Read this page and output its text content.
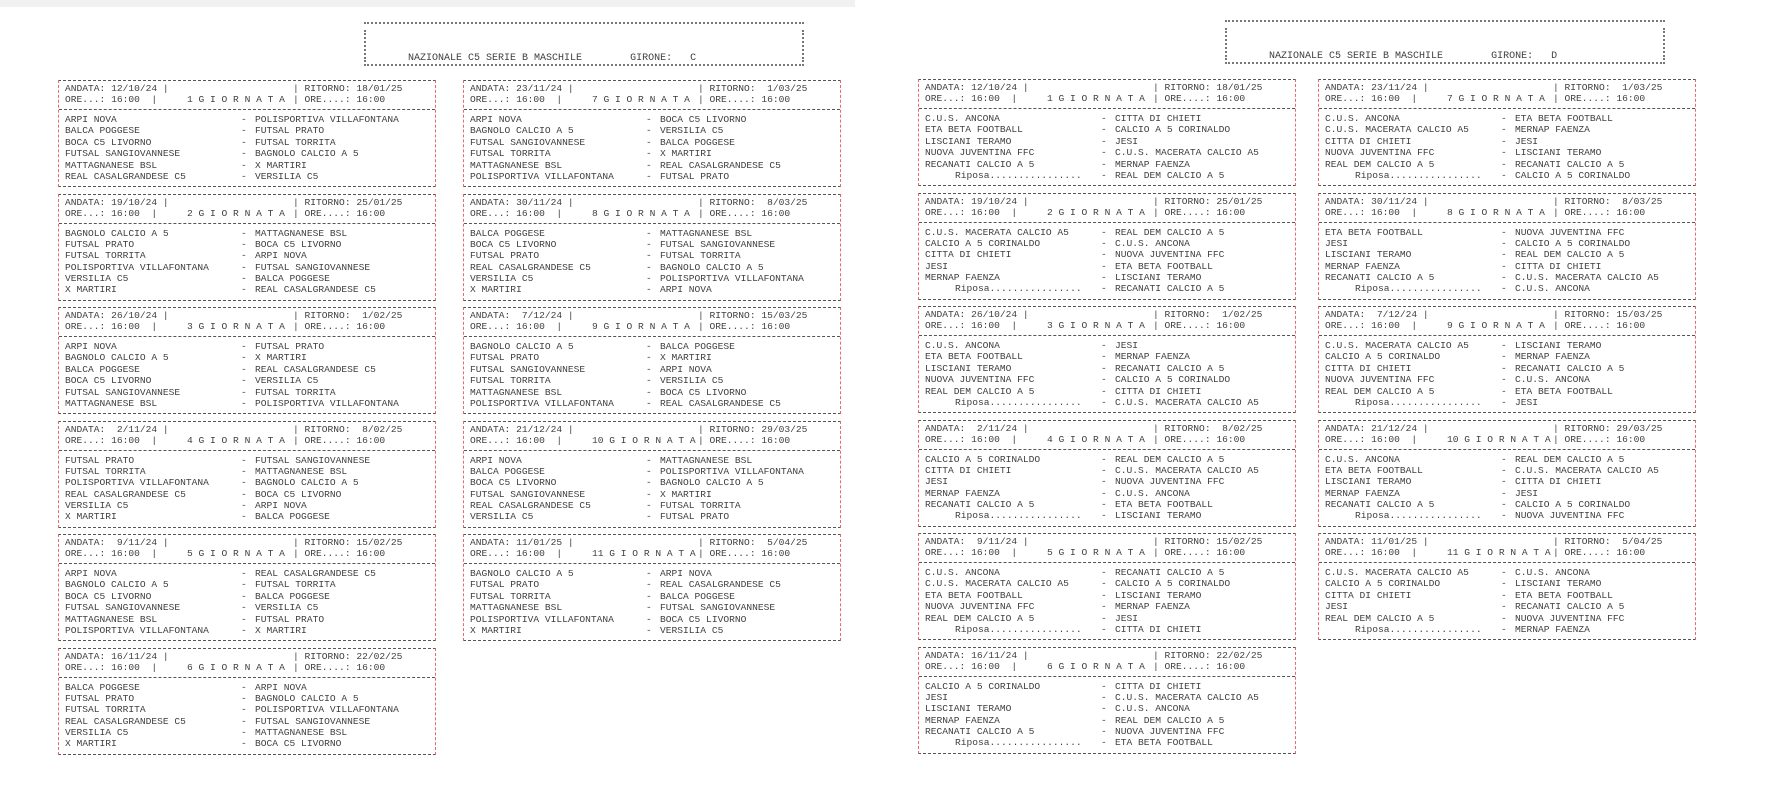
NAZIONALE C5 SERIE B MASCHILE	GIRONE: C
	NAZIONALE C5 SERIE B MASCHILE	GIRONE: D

ANDATA: 12/10/24 |	| RITORNO: 18/01/25
ORE...: 16:00  |	1 G I O R N A T A | ORE....: 16:00
ARPI NOVA	- POLISPORTIVA VILLAFONTANA
BALCA POGGESE	- FUTSAL PRATO
BOCA C5 LIVORNO	- FUTSAL TORRITA
FUTSAL SANGIOVANNESE	- BAGNOLO CALCIO A 5
MATTAGNANESE BSL	- X MARTIRI
REAL CASALGRANDESE C5	- VERSILIA C5
ANDATA: 19/10/24 |	| RITORNO: 25/01/25
ORE...: 16:00  |	2 G I O R N A T A | ORE....: 16:00
BAGNOLO CALCIO A 5	- MATTAGNANESE BSL
FUTSAL PRATO	- BOCA C5 LIVORNO
FUTSAL TORRITA	- ARPI NOVA
POLISPORTIVA VILLAFONTANA	- FUTSAL SANGIOVANNESE
VERSILIA C5	- BALCA POGGESE
X MARTIRI	- REAL CASALGRANDESE C5
ANDATA: 26/10/24 |	| RITORNO:  1/02/25
ORE...: 16:00  |	3 G I O R N A T A | ORE....: 16:00
ARPI NOVA	- FUTSAL PRATO
BAGNOLO CALCIO A 5	- X MARTIRI
BALCA POGGESE	- REAL CASALGRANDESE C5
BOCA C5 LIVORNO	- VERSILIA C5
FUTSAL SANGIOVANNESE	- FUTSAL TORRITA
MATTAGNANESE BSL	- POLISPORTIVA VILLAFONTANA
ANDATA:  2/11/24 |	| RITORNO:  8/02/25
ORE...: 16:00  |	4 G I O R N A T A | ORE....: 16:00
FUTSAL PRATO	- FUTSAL SANGIOVANNESE
FUTSAL TORRITA	- MATTAGNANESE BSL
POLISPORTIVA VILLAFONTANA	- BAGNOLO CALCIO A 5
REAL CASALGRANDESE C5	- BOCA C5 LIVORNO
VERSILIA C5	- ARPI NOVA
X MARTIRI	- BALCA POGGESE
ANDATA:  9/11/24 |	| RITORNO: 15/02/25
ORE...: 16:00  |	5 G I O R N A T A | ORE....: 16:00
ARPI NOVA	- REAL CASALGRANDESE C5
BAGNOLO CALCIO A 5	- FUTSAL TORRITA
BOCA C5 LIVORNO	- BALCA POGGESE
FUTSAL SANGIOVANNESE	- VERSILIA C5
MATTAGNANESE BSL	- FUTSAL PRATO
POLISPORTIVA VILLAFONTANA	- X MARTIRI
ANDATA: 16/11/24 |	| RITORNO: 22/02/25
ORE...: 16:00  |	6 G I O R N A T A | ORE....: 16:00
BALCA POGGESE	- ARPI NOVA
FUTSAL PRATO	- BAGNOLO CALCIO A 5
FUTSAL TORRITA	- POLISPORTIVA VILLAFONTANA
REAL CASALGRANDESE C5	- FUTSAL SANGIOVANNESE
VERSILIA C5	- MATTAGNANESE BSL
X MARTIRI	- BOCA C5 LIVORNO
ANDATA: 23/11/24 |	| RITORNO:  1/03/25
ORE...: 16:00  |	7 G I O R N A T A | ORE....: 16:00
ARPI NOVA	- BOCA C5 LIVORNO
BAGNOLO CALCIO A 5	- VERSILIA C5
FUTSAL SANGIOVANNESE	- BALCA POGGESE
FUTSAL TORRITA	- X MARTIRI
MATTAGNANESE BSL	- REAL CASALGRANDESE C5
POLISPORTIVA VILLAFONTANA	- FUTSAL PRATO
ANDATA: 30/11/24 |	| RITORNO:  8/03/25
ORE...: 16:00  |	8 G I O R N A T A | ORE....: 16:00
BALCA POGGESE	- MATTAGNANESE BSL
BOCA C5 LIVORNO	- FUTSAL SANGIOVANNESE
FUTSAL PRATO	- FUTSAL TORRITA
REAL CASALGRANDESE C5	- BAGNOLO CALCIO A 5
VERSILIA C5	- POLISPORTIVA VILLAFONTANA
X MARTIRI	- ARPI NOVA
ANDATA:  7/12/24 |	| RITORNO: 15/03/25
ORE...: 16:00  |	9 G I O R N A T A | ORE....: 16:00
BAGNOLO CALCIO A 5	- BALCA POGGESE
FUTSAL PRATO	- X MARTIRI
FUTSAL SANGIOVANNESE	- ARPI NOVA
FUTSAL TORRITA	- VERSILIA C5
MATTAGNANESE BSL	- BOCA C5 LIVORNO
POLISPORTIVA VILLAFONTANA	- REAL CASALGRANDESE C5
ANDATA: 21/12/24 |	| RITORNO: 29/03/25
ORE...: 16:00  |	10 G I O R N A T A | ORE....: 16:00
ARPI NOVA	- MATTAGNANESE BSL
BALCA POGGESE	- POLISPORTIVA VILLAFONTANA
BOCA C5 LIVORNO	- BAGNOLO CALCIO A 5
FUTSAL SANGIOVANNESE	- X MARTIRI
REAL CASALGRANDESE C5	- FUTSAL TORRITA
VERSILIA C5	- FUTSAL PRATO
ANDATA: 11/01/25 |	| RITORNO:  5/04/25
ORE...: 16:00  |	11 G I O R N A T A | ORE....: 16:00
BAGNOLO CALCIO A 5	- ARPI NOVA
FUTSAL PRATO	- REAL CASALGRANDESE C5
FUTSAL TORRITA	- BALCA POGGESE
MATTAGNANESE BSL	- FUTSAL SANGIOVANNESE
POLISPORTIVA VILLAFONTANA	- BOCA C5 LIVORNO
X MARTIRI	- VERSILIA C5
ANDATA: 12/10/24 |	| RITORNO: 18/01/25
ORE...: 16:00  |	1 G I O R N A T A | ORE....: 16:00
C.U.S. ANCONA	- CITTA DI CHIETI
ETA BETA FOOTBALL	- CALCIO A 5 CORINALDO
LISCIANI TERAMO	- JESI
NUOVA JUVENTINA FFC	- C.U.S. MACERATA CALCIO A5
RECANATI CALCIO A 5	- MERNAP FAENZA
Riposa................	- REAL DEM CALCIO A 5
ANDATA: 19/10/24 |	| RITORNO: 25/01/25
ORE...: 16:00  |	2 G I O R N A T A | ORE....: 16:00
C.U.S. MACERATA CALCIO A5	- REAL DEM CALCIO A 5
CALCIO A 5 CORINALDO	- C.U.S. ANCONA
CITTA DI CHIETI	- NUOVA JUVENTINA FFC
JESI	- ETA BETA FOOTBALL
MERNAP FAENZA	- LISCIANI TERAMO
Riposa................	- RECANATI CALCIO A 5
ANDATA: 26/10/24 |	| RITORNO:  1/02/25
ORE...: 16:00  |	3 G I O R N A T A | ORE....: 16:00
C.U.S. ANCONA	- JESI
ETA BETA FOOTBALL	- MERNAP FAENZA
LISCIANI TERAMO	- RECANATI CALCIO A 5
NUOVA JUVENTINA FFC	- CALCIO A 5 CORINALDO
REAL DEM CALCIO A 5	- CITTA DI CHIETI
Riposa................	- C.U.S. MACERATA CALCIO A5
ANDATA:  2/11/24 |	| RITORNO:  8/02/25
ORE...: 16:00  |	4 G I O R N A T A | ORE....: 16:00
CALCIO A 5 CORINALDO	- REAL DEM CALCIO A 5
CITTA DI CHIETI	- C.U.S. MACERATA CALCIO A5
JESI	- NUOVA JUVENTINA FFC
MERNAP FAENZA	- C.U.S. ANCONA
RECANATI CALCIO A 5	- ETA BETA FOOTBALL
Riposa................	- LISCIANI TERAMO
ANDATA:  9/11/24 |	| RITORNO: 15/02/25
ORE...: 16:00  |	5 G I O R N A T A | ORE....: 16:00
C.U.S. ANCONA	- RECANATI CALCIO A 5
C.U.S. MACERATA CALCIO A5	- CALCIO A 5 CORINALDO
ETA BETA FOOTBALL	- LISCIANI TERAMO
NUOVA JUVENTINA FFC	- MERNAP FAENZA
REAL DEM CALCIO A 5	- JESI
Riposa................	- CITTA DI CHIETI
ANDATA: 16/11/24 |	| RITORNO: 22/02/25
ORE...: 16:00  |	6 G I O R N A T A | ORE....: 16:00
CALCIO A 5 CORINALDO	- CITTA DI CHIETI
JESI	- C.U.S. MACERATA CALCIO A5
LISCIANI TERAMO	- C.U.S. ANCONA
MERNAP FAENZA	- REAL DEM CALCIO A 5
RECANATI CALCIO A 5	- NUOVA JUVENTINA FFC
Riposa................	- ETA BETA FOOTBALL
ANDATA: 23/11/24 |	| RITORNO:  1/03/25
ORE...: 16:00  |	7 G I O R N A T A | ORE....: 16:00
C.U.S. ANCONA	- ETA BETA FOOTBALL
C.U.S. MACERATA CALCIO A5	- MERNAP FAENZA
CITTA DI CHIETI	- JESI
NUOVA JUVENTINA FFC	- LISCIANI TERAMO
REAL DEM CALCIO A 5	- RECANATI CALCIO A 5
Riposa................	- CALCIO A 5 CORINALDO
ANDATA: 30/11/24 |	| RITORNO:  8/03/25
ORE...: 16:00  |	8 G I O R N A T A | ORE....: 16:00
ETA BETA FOOTBALL	- NUOVA JUVENTINA FFC
JESI	- CALCIO A 5 CORINALDO
LISCIANI TERAMO	- REAL DEM CALCIO A 5
MERNAP FAENZA	- CITTA DI CHIETI
RECANATI CALCIO A 5	- C.U.S. MACERATA CALCIO A5
Riposa................	- C.U.S. ANCONA
ANDATA:  7/12/24 |	| RITORNO: 15/03/25
ORE...: 16:00  |	9 G I O R N A T A | ORE....: 16:00
C.U.S. MACERATA CALCIO A5	- LISCIANI TERAMO
CALCIO A 5 CORINALDO	- MERNAP FAENZA
CITTA DI CHIETI	- RECANATI CALCIO A 5
NUOVA JUVENTINA FFC	- C.U.S. ANCONA
REAL DEM CALCIO A 5	- ETA BETA FOOTBALL
Riposa................	- JESI
ANDATA: 21/12/24 |	| RITORNO: 29/03/25
ORE...: 16:00  |	10 G I O R N A T A | ORE....: 16:00
C.U.S. ANCONA	- REAL DEM CALCIO A 5
ETA BETA FOOTBALL	- C.U.S. MACERATA CALCIO A5
LISCIANI TERAMO	- CITTA DI CHIETI
MERNAP FAENZA	- JESI
RECANATI CALCIO A 5	- CALCIO A 5 CORINALDO
Riposa................	- NUOVA JUVENTINA FFC
ANDATA: 11/01/25 |	| RITORNO:  5/04/25
ORE...: 16:00  |	11 G I O R N A T A | ORE....: 16:00
C.U.S. MACERATA CALCIO A5	- C.U.S. ANCONA
CALCIO A 5 CORINALDO	- LISCIANI TERAMO
CITTA DI CHIETI	- ETA BETA FOOTBALL
JESI	- RECANATI CALCIO A 5
REAL DEM CALCIO A 5	- NUOVA JUVENTINA FFC
Riposa................	- MERNAP FAENZA
